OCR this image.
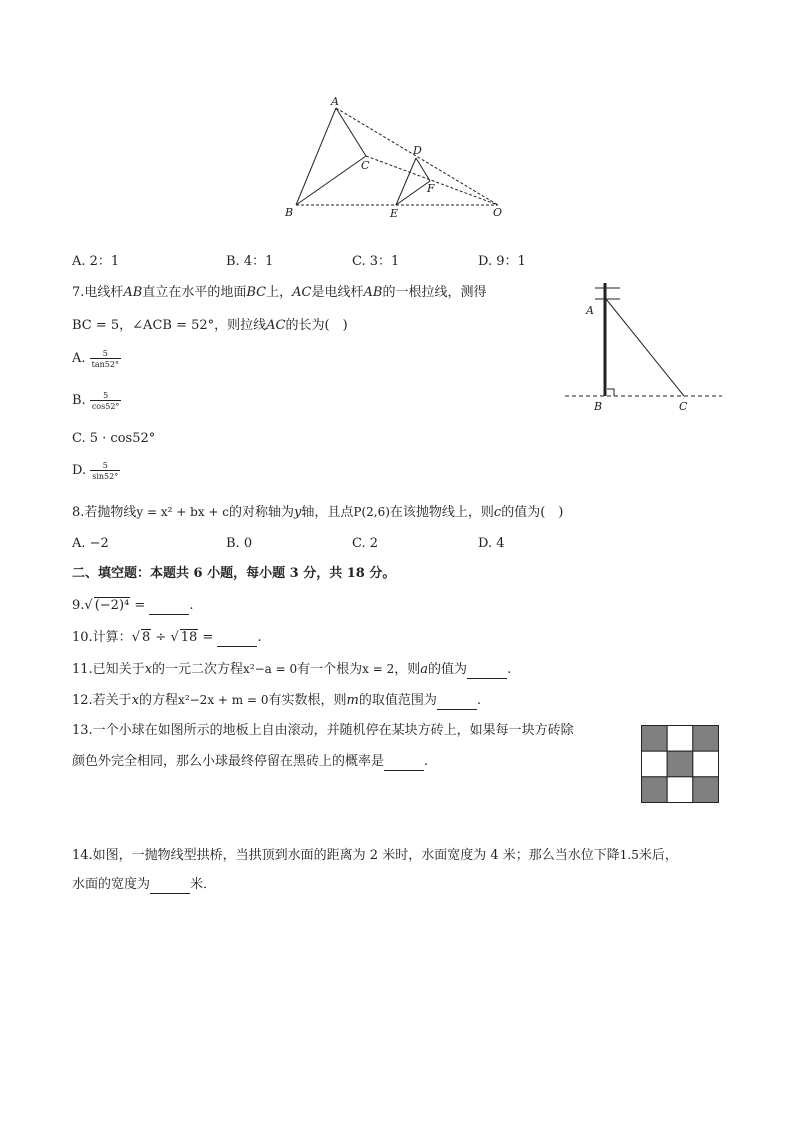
A
B
C
D
E
F
O
A. 2：1	B. 4：1	C. 3：1	D. 9：1
7.电线杆AB直立在水平的地面BC上，AC是电线杆AB的一根拉线，测得
BC = 5，∠ACB = 52°，则拉线AC的长为(　)
A. $\frac{5}{\tan 52^\circ}$
B. $\frac{5}{\cos 52^\circ}$
C. 5 · cos52°
D. $\frac{5}{\sin 52^\circ}$
A
B	C
8.若抛物线y = x² + bx + c的对称轴为y轴，且点P(2,6)在该抛物线上，则c的值为(　)
A. −2	B. 0	C. 2	D. 4
二、填空题：本题共 6 小题，每小题 3 分，共 18 分。
9.√ (−2)⁴ =	.
10.计算：√ 8 ÷ √ 18 =	.
11.已知关于x的一元二次方程x²−a = 0有一个根为x = 2，则a的值为	.
12.若关于x的方程x²−2x + m = 0有实数根，则m的取值范围为	.
13.一个小球在如图所示的地板上自由滚动，并随机停在某块方砖上，如果每一块方砖除
颜色外完全相同，那么小球最终停留在黑砖上的概率是	.
14.如图，一抛物线型拱桥，当拱顶到水面的距离为 2 米时，水面宽度为 4 米；那么当水位下降1.5米后，
水面的宽度为	米．
